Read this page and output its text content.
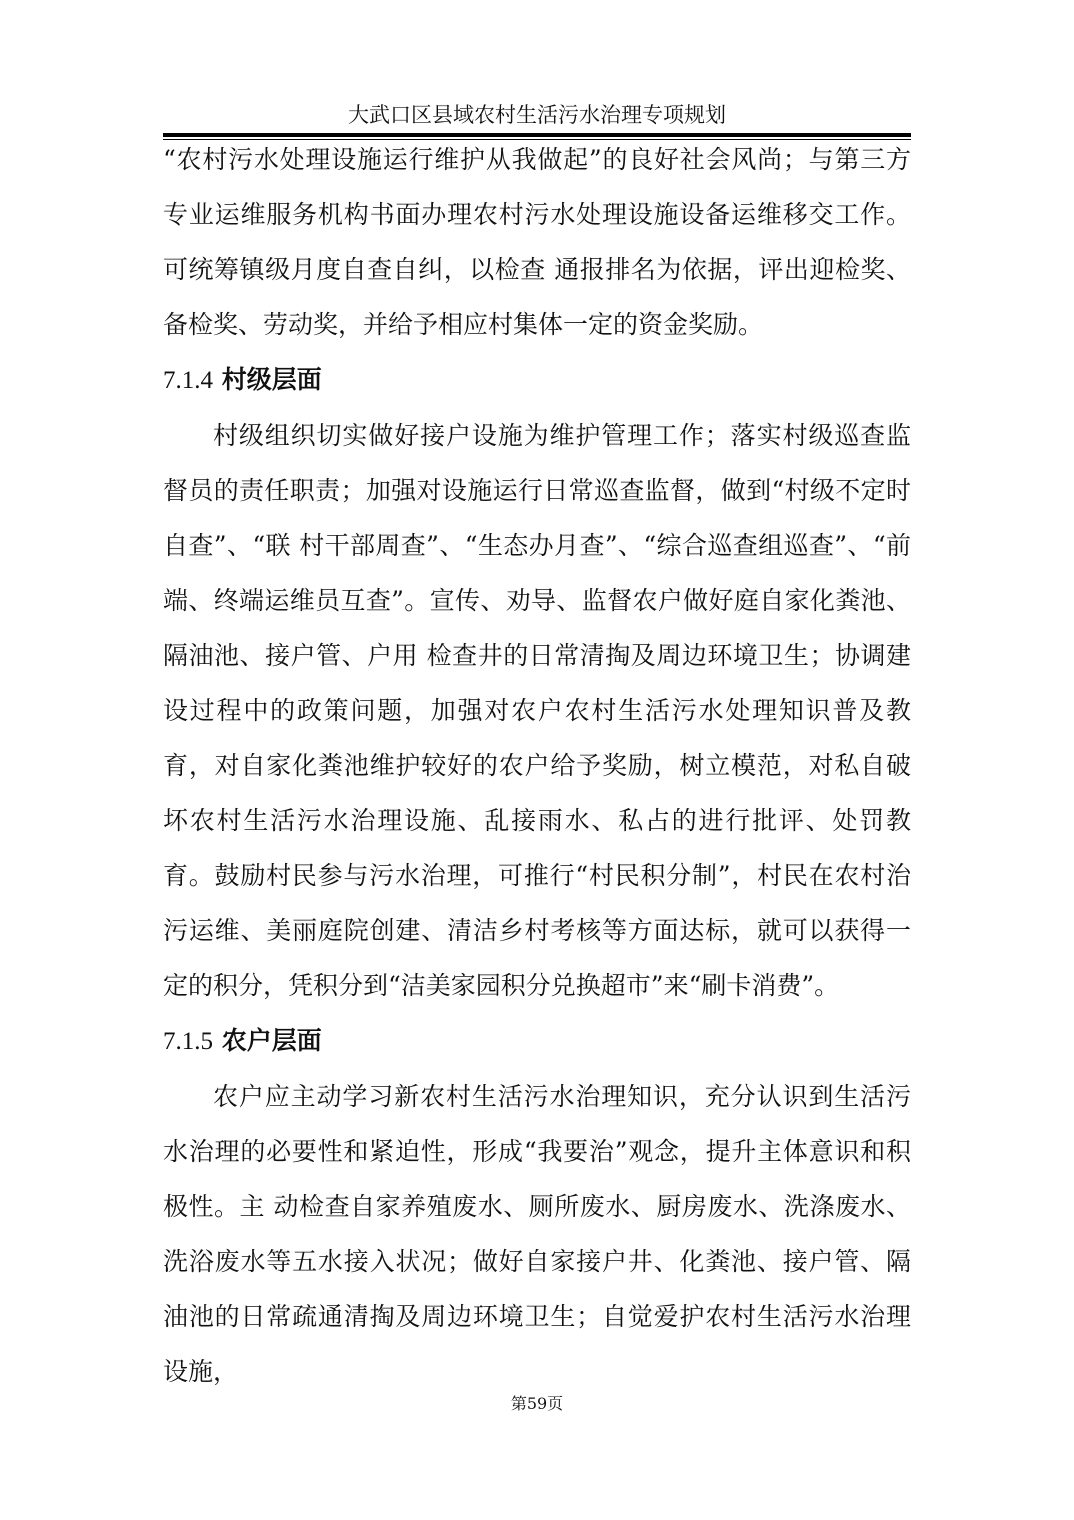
大武口区县域农村生活污水治理专项规划

“农村污水处理设施运行维护从我做起”的良好社会风尚；与第三方专业运维服务机构书面办理农村污水处理设施设备运维移交工作。可统筹镇级月度自查自纠，以检查 通报排名为依据，评出迎检奖、备检奖、劳动奖，并给予相应村集体一定的资金奖励。

7.1.4 村级层面

村级组织切实做好接户设施为维护管理工作；落实村级巡查监督员的责任职责；加强对设施运行日常巡查监督，做到“村级不定时自查”、“联 村干部周查”、“生态办月查”、“综合巡查组巡查”、“前端、终端运维员互查”。宣传、劝导、监督农户做好庭自家化粪池、隔油池、接户管、户用 检查井的日常清掏及周边环境卫生；协调建设过程中的政策问题，加强对农户农村生活污水处理知识普及教育，对自家化粪池维护较好的农户给予奖励，树立模范，对私自破坏农村生活污水治理设施、乱接雨水、私占的进行批评、处罚教育。鼓励村民参与污水治理，可推行“村民积分制”，村民在农村治污运维、美丽庭院创建、清洁乡村考核等方面达标，就可以获得一定的积分，凭积分到“洁美家园积分兑换超市”来“刷卡消费”。

7.1.5 农户层面

农户应主动学习新农村生活污水治理知识，充分认识到生活污水治理的必要性和紧迫性，形成“我要治”观念，提升主体意识和积极性。主 动检查自家养殖废水、厕所废水、厨房废水、洗涤废水、洗浴废水等五水接入状况；做好自家接户井、化粪池、接户管、隔油池的日常疏通清掏及周边环境卫生；自觉爱护农村生活污水治理设施，

第59页
